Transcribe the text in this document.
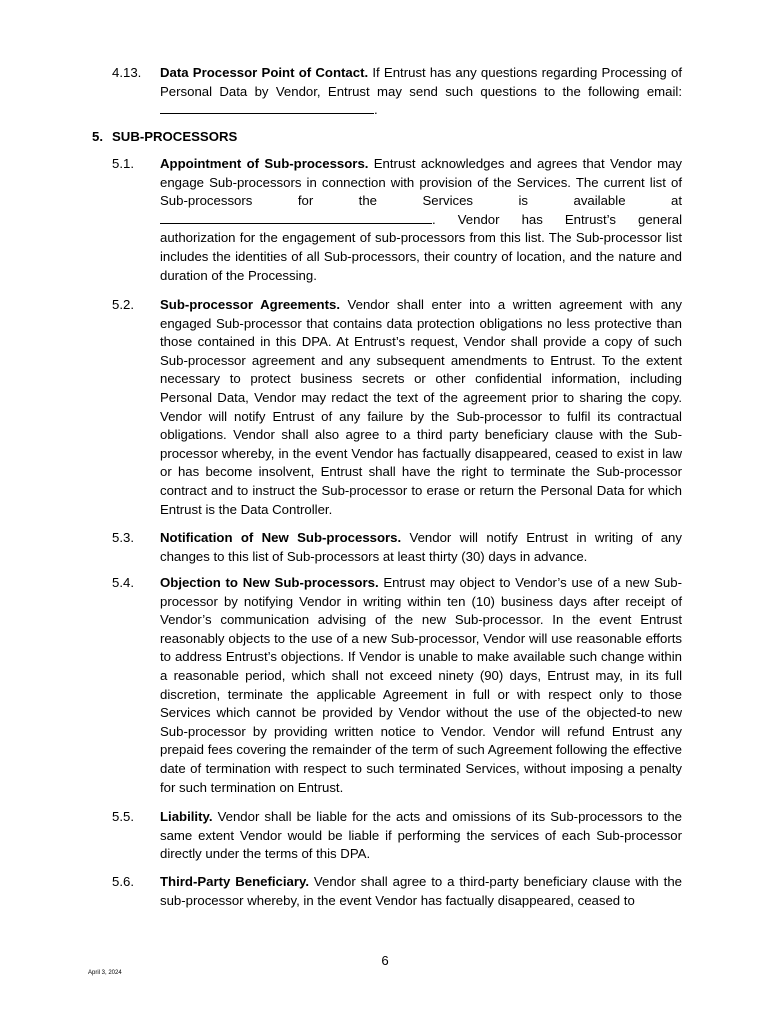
4.13. Data Processor Point of Contact. If Entrust has any questions regarding Processing of Personal Data by Vendor, Entrust may send such questions to the following email: .
5. SUB-PROCESSORS
5.1. Appointment of Sub-processors. Entrust acknowledges and agrees that Vendor may engage Sub-processors in connection with provision of the Services. The current list of Sub-processors for the Services is available at . Vendor has Entrust’s general authorization for the engagement of sub-processors from this list. The Sub-processor list includes the identities of all Sub-processors, their country of location, and the nature and duration of the Processing.
5.2. Sub-processor Agreements. Vendor shall enter into a written agreement with any engaged Sub-processor that contains data protection obligations no less protective than those contained in this DPA. At Entrust’s request, Vendor shall provide a copy of such Sub-processor agreement and any subsequent amendments to Entrust. To the extent necessary to protect business secrets or other confidential information, including Personal Data, Vendor may redact the text of the agreement prior to sharing the copy. Vendor will notify Entrust of any failure by the Sub-processor to fulfil its contractual obligations. Vendor shall also agree to a third party beneficiary clause with the Sub-processor whereby, in the event Vendor has factually disappeared, ceased to exist in law or has become insolvent, Entrust shall have the right to terminate the Sub-processor contract and to instruct the Sub-processor to erase or return the Personal Data for which Entrust is the Data Controller.
5.3. Notification of New Sub-processors. Vendor will notify Entrust in writing of any changes to this list of Sub-processors at least thirty (30) days in advance.
5.4. Objection to New Sub-processors. Entrust may object to Vendor’s use of a new Sub-processor by notifying Vendor in writing within ten (10) business days after receipt of Vendor’s communication advising of the new Sub-processor. In the event Entrust reasonably objects to the use of a new Sub-processor, Vendor will use reasonable efforts to address Entrust’s objections. If Vendor is unable to make available such change within a reasonable period, which shall not exceed ninety (90) days, Entrust may, in its full discretion, terminate the applicable Agreement in full or with respect only to those Services which cannot be provided by Vendor without the use of the objected-to new Sub-processor by providing written notice to Vendor. Vendor will refund Entrust any prepaid fees covering the remainder of the term of such Agreement following the effective date of termination with respect to such terminated Services, without imposing a penalty for such termination on Entrust.
5.5. Liability. Vendor shall be liable for the acts and omissions of its Sub-processors to the same extent Vendor would be liable if performing the services of each Sub-processor directly under the terms of this DPA.
5.6. Third-Party Beneficiary. Vendor shall agree to a third-party beneficiary clause with the sub-processor whereby, in the event Vendor has factually disappeared, ceased to
6
April 3, 2024
